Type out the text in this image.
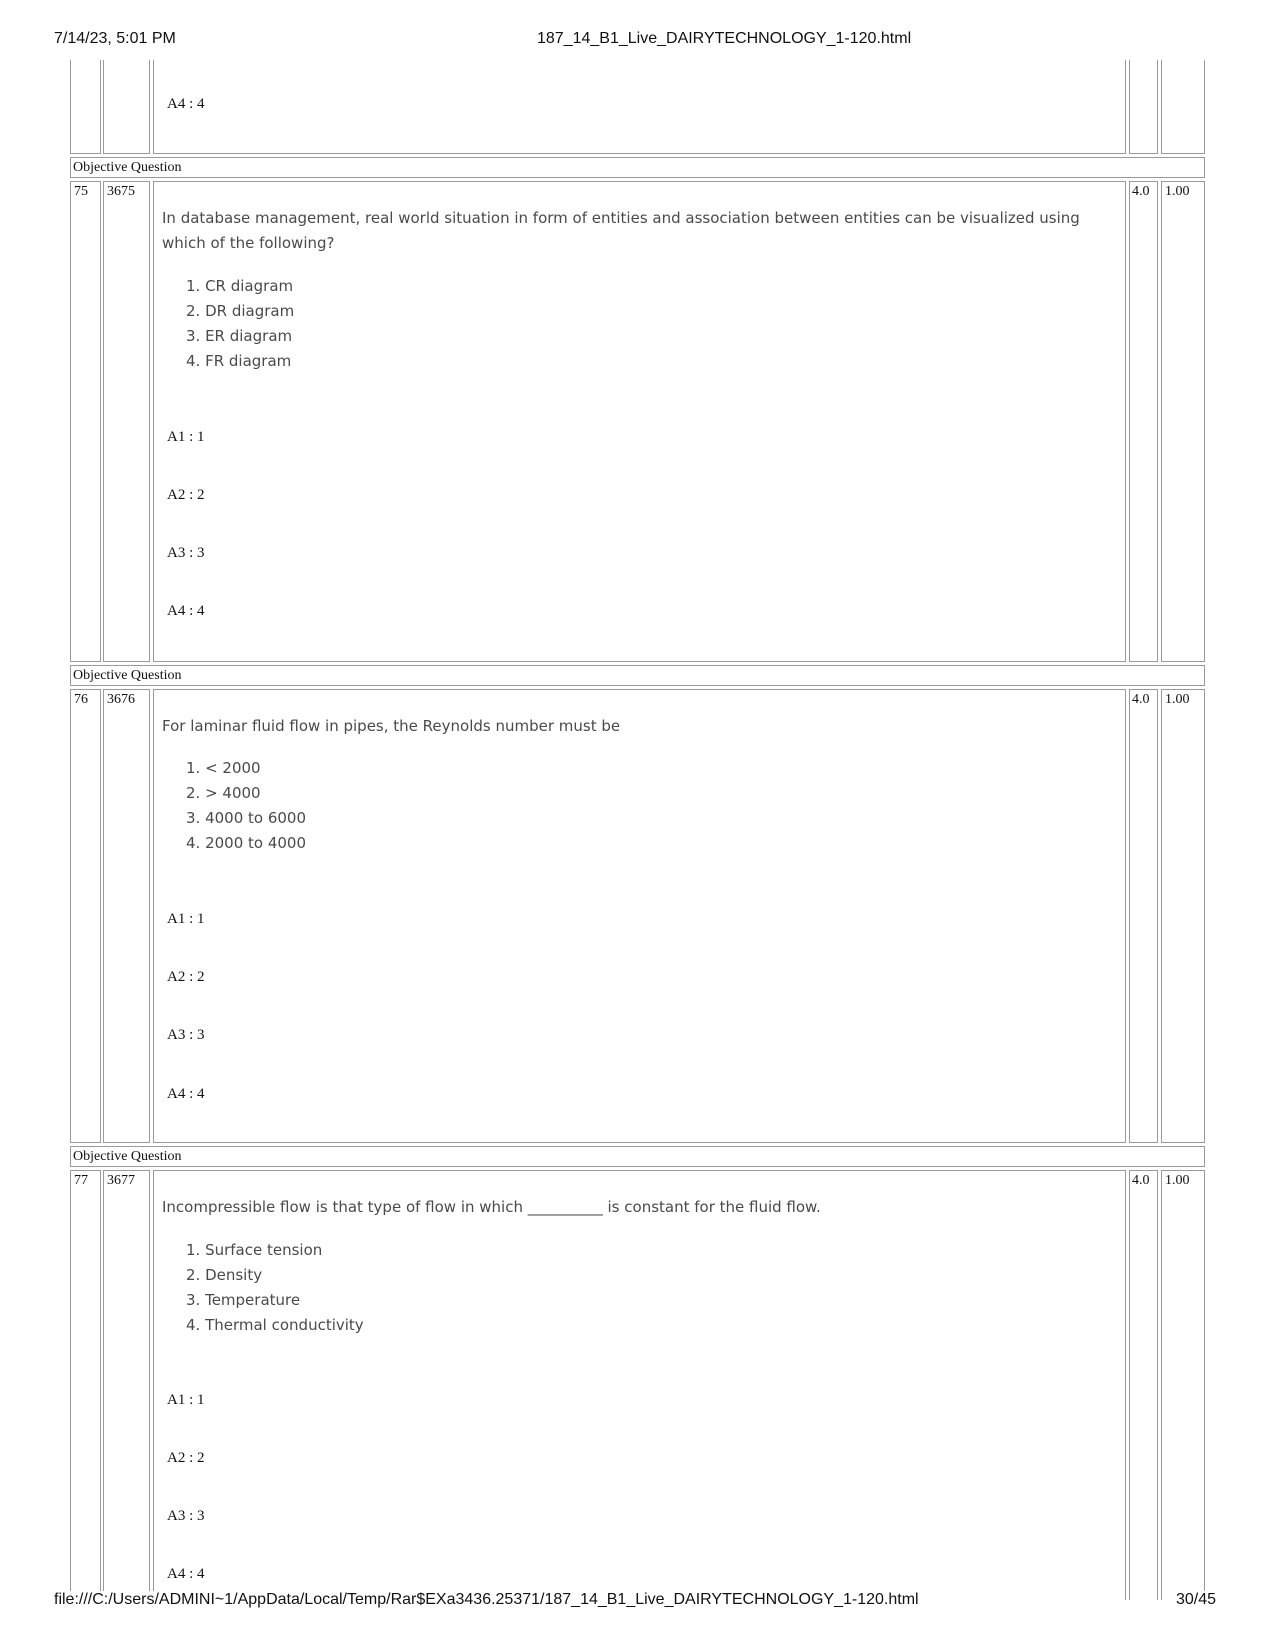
7/14/23, 5:01 PM	187_14_B1_Live_DAIRYTECHNOLOGY_1-120.html
A4 : 4
Objective Question
75 3675
In database management, real world situation in form of entities and association between entities can be visualized using which of the following?
1. CR diagram
2. DR diagram
3. ER diagram
4. FR diagram
A1 : 1
A2 : 2
A3 : 3
A4 : 4
4.0 1.00
Objective Question
76 3676
For laminar fluid flow in pipes, the Reynolds number must be
1. < 2000
2. > 4000
3. 4000 to 6000
4. 2000 to 4000
A1 : 1
A2 : 2
A3 : 3
A4 : 4
4.0 1.00
Objective Question
77 3677
Incompressible flow is that type of flow in which __________ is constant for the fluid flow.
1. Surface tension
2. Density
3. Temperature
4. Thermal conductivity
A1 : 1
A2 : 2
A3 : 3
A4 : 4
4.0 1.00
file:///C:/Users/ADMINI~1/AppData/Local/Temp/Rar$EXa3436.25371/187_14_B1_Live_DAIRYTECHNOLOGY_1-120.html	30/45
